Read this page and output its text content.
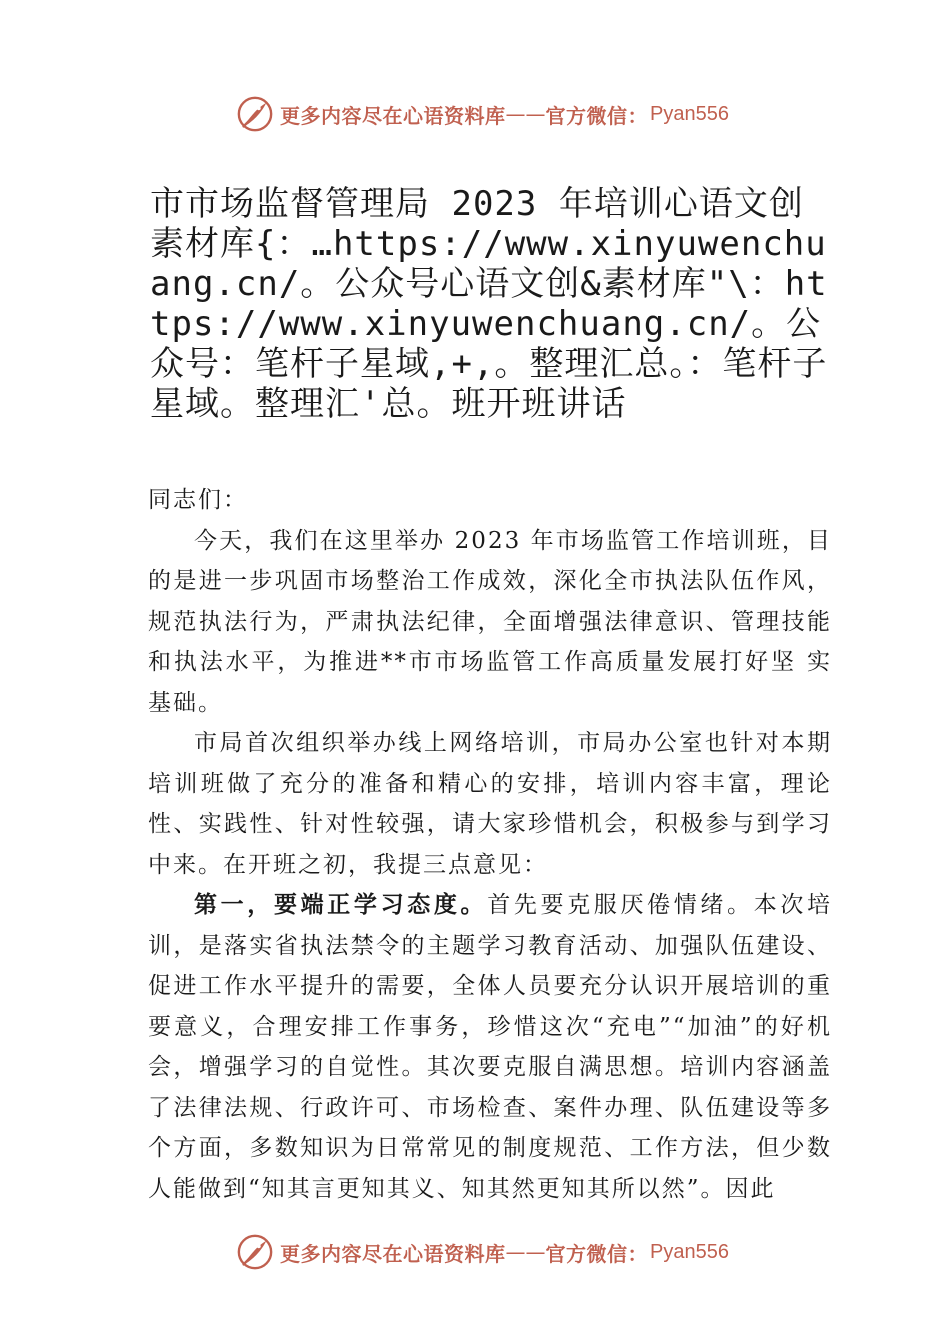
更多内容尽在心语资料库 —— 官方微信： Pyan556
市市场监督管理局 2023 年培训心语文创素材库{：…https://www.xinyuwenchuang.cn/。公众号心语文创&素材库"\：https://www.xinyuwenchuang.cn/。公众号：笔杆子星域,+,。整理汇总。：笔杆子星域。整理汇'总。班开班讲话

同志们：

今天，我们在这里举办 2023 年市场监管工作培训班，目的是进一步巩固市场整治工作成效，深化全市执法队伍作风， 规范执法行为，严肃执法纪律，全面增强法律意识、管理技能和执法水平，为推进**市市场监管工作高质量发展打好坚 实基础。

市局首次组织举办线上网络培训，市局办公室也针对本期培训班做了充分的准备和精心的安排，培训内容丰富，理论性、实践性、针对性较强，请大家珍惜机会，积极参与到学习中来。在开班之初，我提三点意见：

第一，要端正学习态度。首先要克服厌倦情绪。本次培训，是落实省执法禁令的主题学习教育活动、加强队伍建设、促进工作水平提升的需要，全体人员要充分认识开展培训的重要意义，合理安排工作事务，珍惜这次“充电”“加油”的好机会，增强学习的自觉性。其次要克服自满思想。培训内容涵盖了法律法规、行政许可、市场检查、案件办理、队伍建设等多个方面，多数知识为日常常见的制度规范、工作方法，但少数人能做到“知其言更知其义、知其然更知其所以然”。因此

更多内容尽在心语资料库 —— 官方微信： Pyan556
